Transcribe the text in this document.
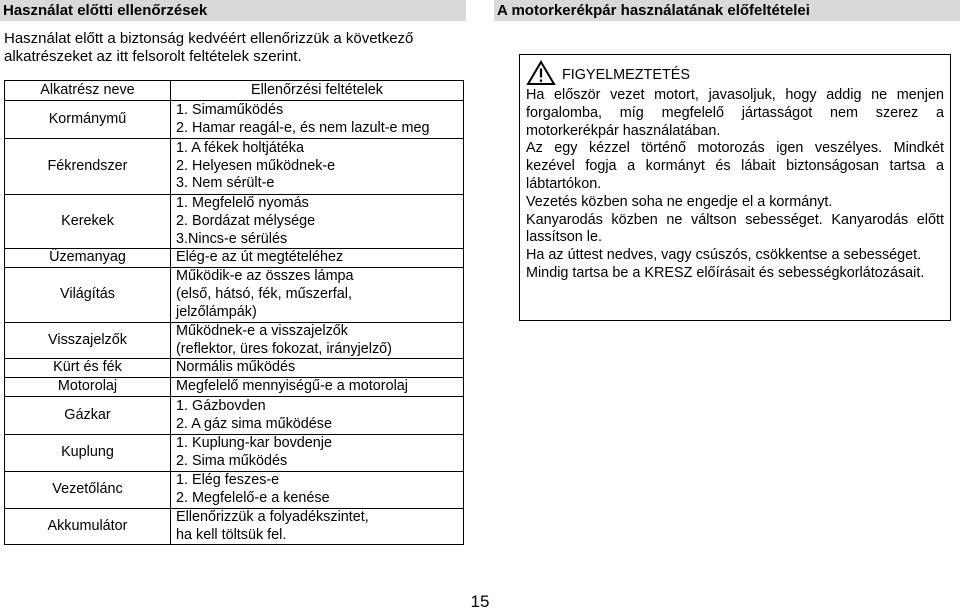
Használat előtti ellenőrzések	A motorkerékpár használatának előfeltételei
Használat előtt a biztonság kedvéért ellenőrizzük a következő alkatrészeket az itt felsorolt feltételek szerint.
Alkatrész neve	Ellenőrzési feltételek
Kormánymű	1. Simaműködés
2. Hamar reagál-e, és nem lazult-e meg

Fékrendszer	1. A fékek holtjátéka
2. Helyesen működnek-e
3. Nem sérült-e

Kerekek	1. Megfelelő nyomás
2. Bordázat mélysége
3.Nincs-e sérülés

Üzemanyag	Elég-e az út megtételéhez

Világítás	Működik-e az összes lámpa
(első, hátsó, fék, műszerfal,
jelzőlámpák)

Visszajelzők	Működnek-e a visszajelzők
(reflektor, üres fokozat, irányjelző)

Kürt és fék	Normális működés

Motorolaj	Megfelelő mennyiségű-e a motorolaj

Gázkar	1. Gázbovden
2. A gáz sima működése

Kuplung	1. Kuplung-kar bovdenje
2. Sima működés

Vezetőlánc	1. Elég feszes-e
2. Megfelelő-e a kenése

Akkumulátor	Ellenőrizzük a folyadékszintet,
ha kell töltsük fel.
FIGYELMEZTETÉS

Ha először vezet motort, javasoljuk, hogy addig ne menjen forgalomba, míg megfelelő jártasságot nem szerez a motorkerékpár használatában.

Az egy kézzel történő motorozás igen veszélyes. Mindkét kezével fogja a kormányt és lábait biztonságosan tartsa a lábtartókon.

Vezetés közben soha ne engedje el a kormányt.

Kanyarodás közben ne váltson sebességet. Kanyarodás előtt lassítson le.

Ha az úttest nedves, vagy csúszós, csökkentse a sebességet.

Mindig tartsa be a KRESZ előírásait és sebességkorlátozásait.

15
